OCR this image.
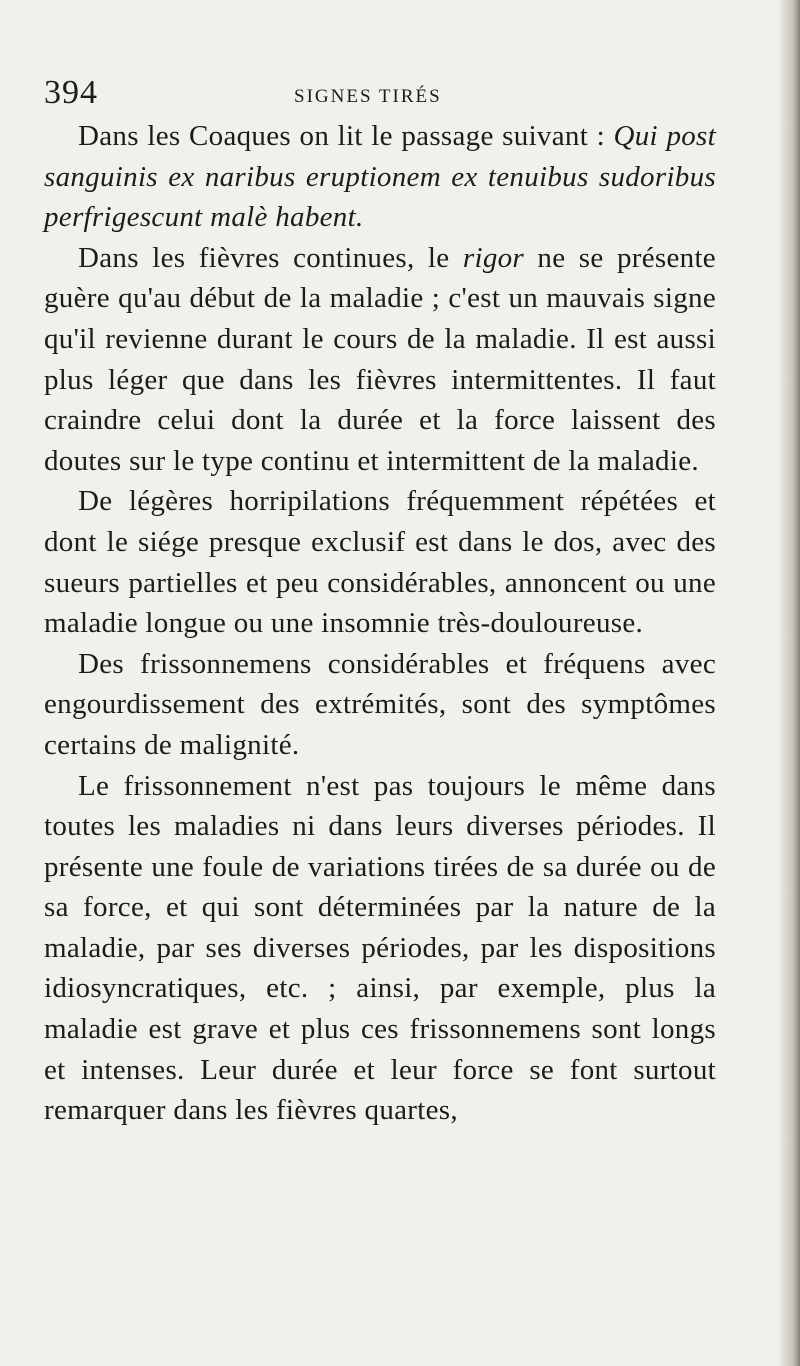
394	SIGNES TIRÉS

Dans les Coaques on lit le passage suivant : Qui post sanguinis ex naribus eruptionem ex tenuibus sudoribus perfrigescunt malè habent.

Dans les fièvres continues, le rigor ne se présente guère qu'au début de la maladie ; c'est un mauvais signe qu'il revienne durant le cours de la maladie. Il est aussi plus léger que dans les fièvres intermittentes. Il faut craindre celui dont la durée et la force laissent des doutes sur le type continu et intermittent de la maladie.

De légères horripilations fréquemment répétées et dont le siége presque exclusif est dans le dos, avec des sueurs partielles et peu considérables, annoncent ou une maladie longue ou une insomnie très-douloureuse.

Des frissonnemens considérables et fréquens avec engourdissement des extrémités, sont des symptômes certains de malignité.

Le frissonnement n'est pas toujours le même dans toutes les maladies ni dans leurs diverses périodes. Il présente une foule de variations tirées de sa durée ou de sa force, et qui sont déterminées par la nature de la maladie, par ses diverses périodes, par les dispositions idiosyncratiques, etc. ; ainsi, par exemple, plus la maladie est grave et plus ces frissonnemens sont longs et intenses. Leur durée et leur force se font surtout remarquer dans les fièvres quartes,
